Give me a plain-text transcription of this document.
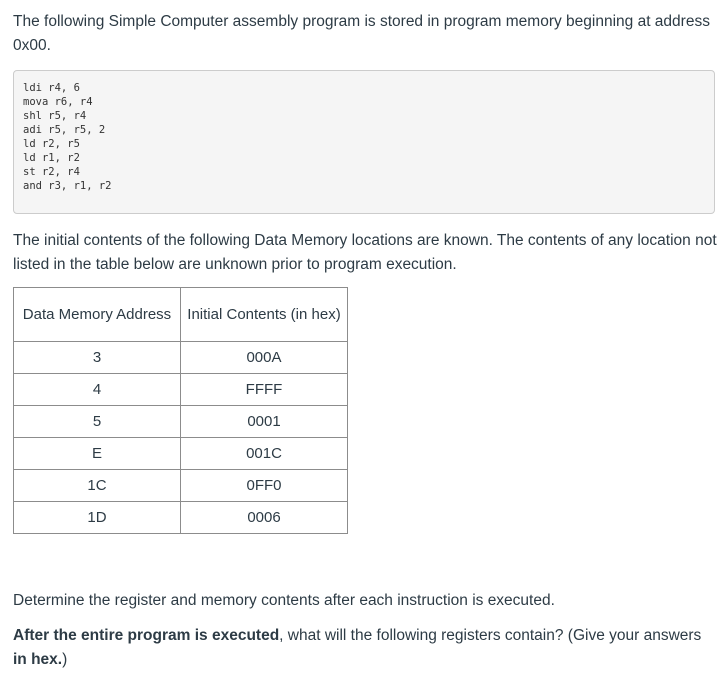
The following Simple Computer assembly program is stored in program memory beginning at address 0x00.

ldi r4, 6
mova r6, r4
shl r5, r4
adi r5, r5, 2
ld r2, r5
ld r1, r2
st r2, r4
and r3, r1, r2

The initial contents of the following Data Memory locations are known. The contents of any location not listed in the table below are unknown prior to program execution.

Data Memory Address	Initial Contents (in hex)
3	000A
4	FFFF
5	0001
E	001C
1C	0FF0
1D	0006

Determine the register and memory contents after each instruction is executed.

After the entire program is executed, what will the following registers contain? (Give your answers in hex.)
